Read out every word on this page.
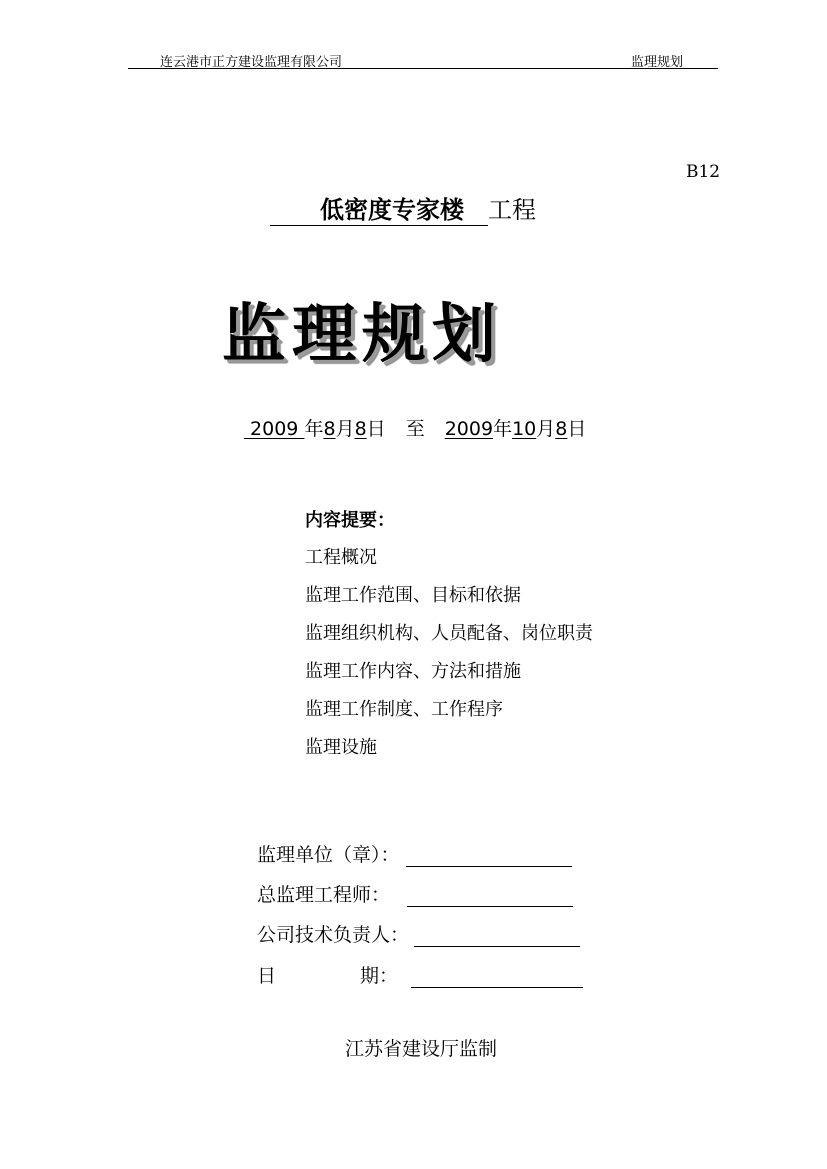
连云港市正方建设监理有限公司	监理规划
B12
低密度专家楼 工程
监理规划
2009 年8月8日 至 2009年10月8日
内容提要：
工程概况
监理工作范围、目标和依据
监理组织机构、人员配备、岗位职责
监理工作内容、方法和措施
监理工作制度、工作程序
监理设施
监理单位（章）：
总监理工程师：
公司技术负责人：
日	期：
江苏省建设厅监制
